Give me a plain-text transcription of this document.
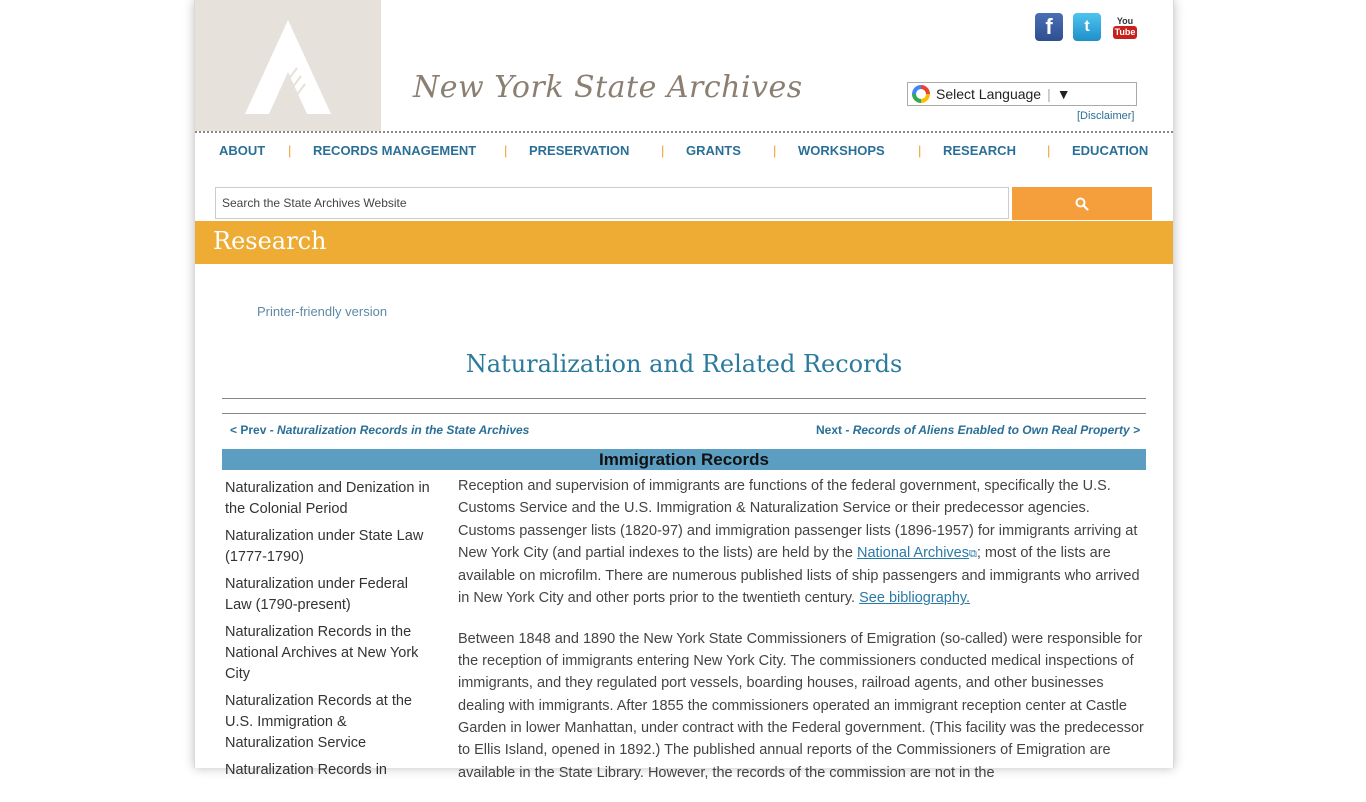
New York State Archives
f	t	You
Tube
Select Language | ▼
[Disclaimer]
ABOUT | RECORDS MANAGEMENT | PRESERVATION | GRANTS | WORKSHOPS	| RESEARCH | EDUCATION
Search the State Archives Website
Research
Printer-friendly version
Naturalization and Related Records
< Prev - Naturalization Records in the State Archives	Next - Records of Aliens Enabled to Own Real Property >
Immigration Records
Naturalization and Denization in the Colonial Period
Naturalization under State Law (1777-1790)
Naturalization under Federal Law (1790-present)
Naturalization Records in the National Archives at New York City
Naturalization Records at the U.S. Immigration & Naturalization Service
Naturalization Records in

Reception and supervision of immigrants are functions of the federal government, specifically the U.S. Customs Service and the U.S. Immigration & Naturalization Service or their predecessor agencies. Customs passenger lists (1820-97) and immigration passenger lists (1896-1957) for immigrants arriving at New York City (and partial indexes to the lists) are held by the National Archives⧉; most of the lists are available on microfilm. There are numerous published lists of ship passengers and immigrants who arrived in New York City and other ports prior to the twentieth century. See bibliography.

Between 1848 and 1890 the New York State Commissioners of Emigration (so-called) were responsible for the reception of immigrants entering New York City. The commissioners conducted medical inspections of immigrants, and they regulated port vessels, boarding houses, railroad agents, and other businesses dealing with immigrants. After 1855 the commissioners operated an immigrant reception center at Castle Garden in lower Manhattan, under contract with the Federal government. (This facility was the predecessor to Ellis Island, opened in 1892.) The published annual reports of the Commissioners of Emigration are available in the State Library. However, the records of the commission are not in the
